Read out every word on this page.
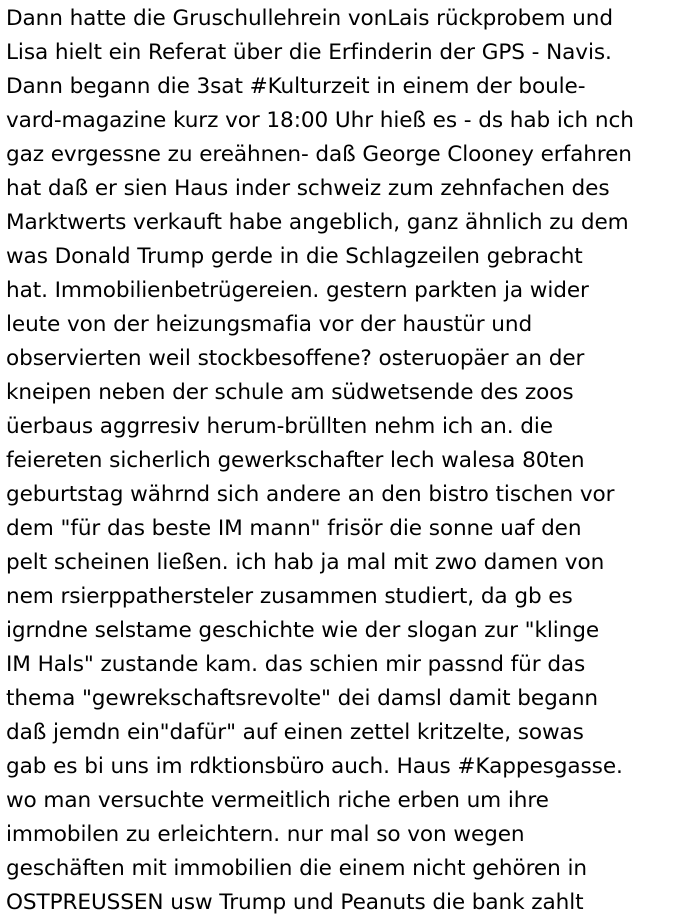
Dann hatte die Gruschullehrein vonLais rückprobem und
Lisa hielt ein Referat über die Erfinderin der GPS - Navis.
Dann begann die 3sat #Kulturzeit in einem der boule-
vard-magazine kurz vor 18:00 Uhr hieß es - ds hab ich nch
gaz evrgessne zu ereähnen- daß George Clooney erfahren
hat daß er sien Haus inder schweiz zum zehnfachen des
Marktwerts verkauft habe angeblich, ganz ähnlich zu dem
was Donald Trump gerde in die Schlagzeilen gebracht
hat. Immobilienbetrügereien. gestern parkten ja wider
leute von der heizungsmafia vor der haustür und
observierten weil stockbesoffene? osteruopäer an der
kneipen neben der schule am südwetsende des zoos
üerbaus aggrresiv herum-brüllten nehm ich an. die
feiereten sicherlich gewerkschafter lech walesa 80ten
geburtstag währnd sich andere an den bistro tischen vor
dem "für das beste IM mann" frisör die sonne uaf den
pelt scheinen ließen. ich hab ja mal mit zwo damen von
nem rsierppathersteler zusammen studiert, da gb es
igrndne selstame geschichte wie der slogan zur "klinge
IM Hals" zustande kam. das schien mir passnd für das
thema "gewrekschaftsrevolte" dei damsl damit begann
daß jemdn ein"dafür" auf einen zettel kritzelte, sowas
gab es bi uns im rdktionsbüro auch. Haus #Kappesgasse.
wo man versuchte vermeitlich riche erben um ihre
immobilen zu erleichtern. nur mal so von wegen
geschäften mit immobilien die einem nicht gehören in
OSTPREUSSEN usw Trump und Peanuts die bank zahlt
